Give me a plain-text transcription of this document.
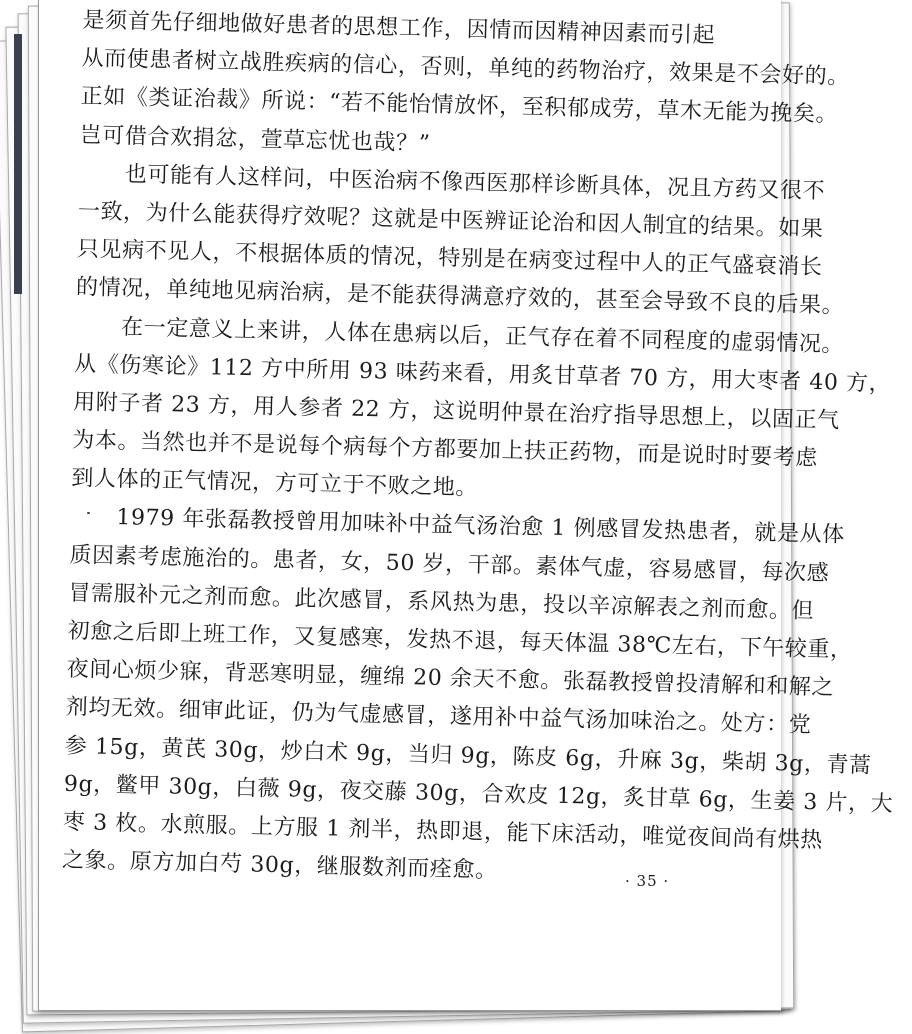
是须首先仔细地做好患者的思想工作，因情而因精神因素而引起
从而使患者树立战胜疾病的信心，否则，单纯的药物治疗，效果是不会好的。
正如《类证治裁》所说：“若不能怡情放怀，至积郁成劳，草木无能为挽矣。
岂可借合欢捐忿，萱草忘忧也哉？”
也可能有人这样问，中医治病不像西医那样诊断具体，况且方药又很不
一致，为什么能获得疗效呢？这就是中医辨证论治和因人制宜的结果。如果
只见病不见人，不根据体质的情况，特别是在病变过程中人的正气盛衰消长
的情况，单纯地见病治病，是不能获得满意疗效的，甚至会导致不良的后果。
在一定意义上来讲，人体在患病以后，正气存在着不同程度的虚弱情况。
从《伤寒论》112 方中所用 93 味药来看，用炙甘草者 70 方，用大枣者 40 方，
用附子者 23 方，用人参者 22 方，这说明仲景在治疗指导思想上，以固正气
为本。当然也并不是说每个病每个方都要加上扶正药物，而是说时时要考虑
到人体的正气情况，方可立于不败之地。
1979 年张磊教授曾用加味补中益气汤治愈 1 例感冒发热患者，就是从体
质因素考虑施治的。患者，女，50 岁，干部。素体气虚，容易感冒，每次感
冒需服补元之剂而愈。此次感冒，系风热为患，投以辛凉解表之剂而愈。但
初愈之后即上班工作，又复感寒，发热不退，每天体温 38℃左右，下午较重，
夜间心烦少寐，背恶寒明显，缠绵 20 余天不愈。张磊教授曾投清解和和解之
剂均无效。细审此证，仍为气虚感冒，遂用补中益气汤加味治之。处方：党
参 15g，黄芪 30g，炒白术 9g，当归 9g，陈皮 6g，升麻 3g，柴胡 3g，青蒿
9g，鳖甲 30g，白薇 9g，夜交藤 30g，合欢皮 12g，炙甘草 6g，生姜 3 片，大
枣 3 枚。水煎服。上方服 1 剂半，热即退，能下床活动，唯觉夜间尚有烘热
之象。原方加白芍 30g，继服数剂而痊愈。	· 35 ·
